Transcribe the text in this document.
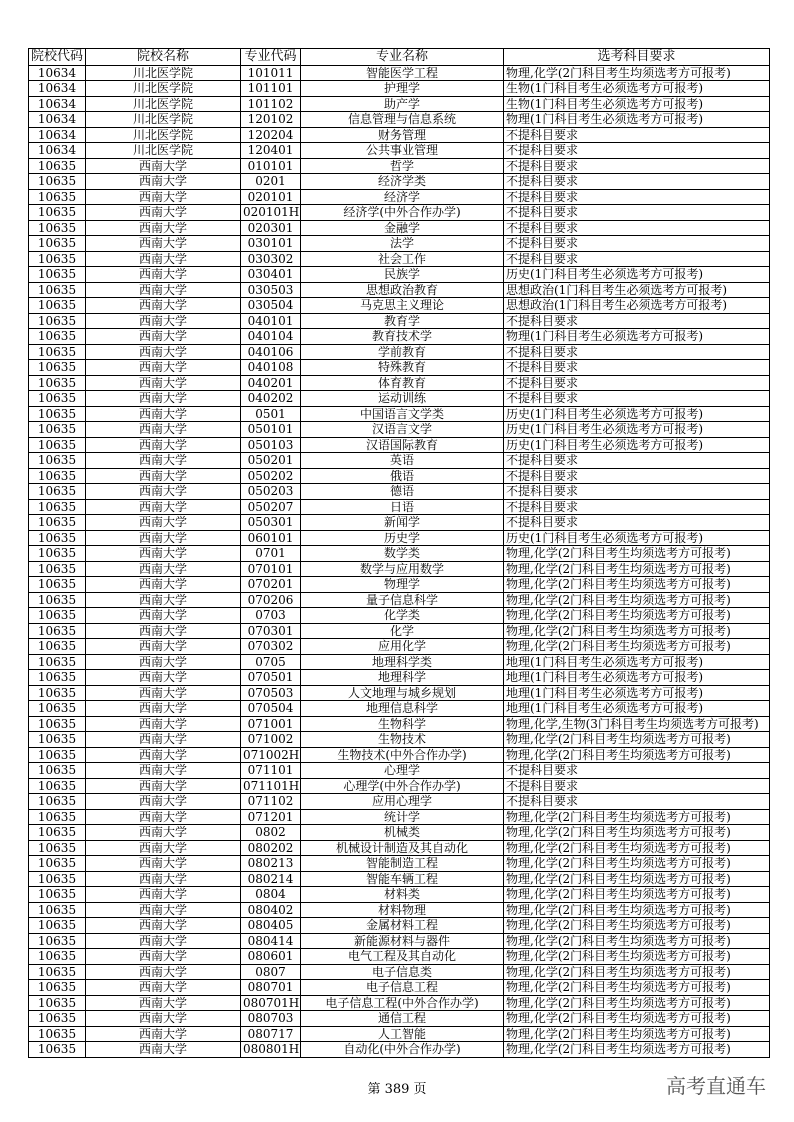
院校代码	院校名称	专业代码	专业名称	选考科目要求
10634	川北医学院	101011	智能医学工程	物理,化学(2门科目考生均须选考方可报考)
10634	川北医学院	101101	护理学	生物(1门科目考生必须选考方可报考)
10634	川北医学院	101102	助产学	生物(1门科目考生必须选考方可报考)
10634	川北医学院	120102	信息管理与信息系统	物理(1门科目考生必须选考方可报考)
10634	川北医学院	120204	财务管理	不提科目要求
10634	川北医学院	120401	公共事业管理	不提科目要求
10635	西南大学	010101	哲学	不提科目要求
10635	西南大学	0201	经济学类	不提科目要求
10635	西南大学	020101	经济学	不提科目要求
10635	西南大学	020101H	经济学(中外合作办学)	不提科目要求
10635	西南大学	020301	金融学	不提科目要求
10635	西南大学	030101	法学	不提科目要求
10635	西南大学	030302	社会工作	不提科目要求
10635	西南大学	030401	民族学	历史(1门科目考生必须选考方可报考)
10635	西南大学	030503	思想政治教育	思想政治(1门科目考生必须选考方可报考)
10635	西南大学	030504	马克思主义理论	思想政治(1门科目考生必须选考方可报考)
10635	西南大学	040101	教育学	不提科目要求
10635	西南大学	040104	教育技术学	物理(1门科目考生必须选考方可报考)
10635	西南大学	040106	学前教育	不提科目要求
10635	西南大学	040108	特殊教育	不提科目要求
10635	西南大学	040201	体育教育	不提科目要求
10635	西南大学	040202	运动训练	不提科目要求
10635	西南大学	0501	中国语言文学类	历史(1门科目考生必须选考方可报考)
10635	西南大学	050101	汉语言文学	历史(1门科目考生必须选考方可报考)
10635	西南大学	050103	汉语国际教育	历史(1门科目考生必须选考方可报考)
10635	西南大学	050201	英语	不提科目要求
10635	西南大学	050202	俄语	不提科目要求
10635	西南大学	050203	德语	不提科目要求
10635	西南大学	050207	日语	不提科目要求
10635	西南大学	050301	新闻学	不提科目要求
10635	西南大学	060101	历史学	历史(1门科目考生必须选考方可报考)
10635	西南大学	0701	数学类	物理,化学(2门科目考生均须选考方可报考)
10635	西南大学	070101	数学与应用数学	物理,化学(2门科目考生均须选考方可报考)
10635	西南大学	070201	物理学	物理,化学(2门科目考生均须选考方可报考)
10635	西南大学	070206	量子信息科学	物理,化学(2门科目考生均须选考方可报考)
10635	西南大学	0703	化学类	物理,化学(2门科目考生均须选考方可报考)
10635	西南大学	070301	化学	物理,化学(2门科目考生均须选考方可报考)
10635	西南大学	070302	应用化学	物理,化学(2门科目考生均须选考方可报考)
10635	西南大学	0705	地理科学类	地理(1门科目考生必须选考方可报考)
10635	西南大学	070501	地理科学	地理(1门科目考生必须选考方可报考)
10635	西南大学	070503	人文地理与城乡规划	地理(1门科目考生必须选考方可报考)
10635	西南大学	070504	地理信息科学	地理(1门科目考生必须选考方可报考)
10635	西南大学	071001	生物科学	物理,化学,生物(3门科目考生均须选考方可报考)
10635	西南大学	071002	生物技术	物理,化学(2门科目考生均须选考方可报考)
10635	西南大学	071002H	生物技术(中外合作办学)	物理,化学(2门科目考生均须选考方可报考)
10635	西南大学	071101	心理学	不提科目要求
10635	西南大学	071101H	心理学(中外合作办学)	不提科目要求
10635	西南大学	071102	应用心理学	不提科目要求
10635	西南大学	071201	统计学	物理,化学(2门科目考生均须选考方可报考)
10635	西南大学	0802	机械类	物理,化学(2门科目考生均须选考方可报考)
10635	西南大学	080202	机械设计制造及其自动化	物理,化学(2门科目考生均须选考方可报考)
10635	西南大学	080213	智能制造工程	物理,化学(2门科目考生均须选考方可报考)
10635	西南大学	080214	智能车辆工程	物理,化学(2门科目考生均须选考方可报考)
10635	西南大学	0804	材料类	物理,化学(2门科目考生均须选考方可报考)
10635	西南大学	080402	材料物理	物理,化学(2门科目考生均须选考方可报考)
10635	西南大学	080405	金属材料工程	物理,化学(2门科目考生均须选考方可报考)
10635	西南大学	080414	新能源材料与器件	物理,化学(2门科目考生均须选考方可报考)
10635	西南大学	080601	电气工程及其自动化	物理,化学(2门科目考生均须选考方可报考)
10635	西南大学	0807	电子信息类	物理,化学(2门科目考生均须选考方可报考)
10635	西南大学	080701	电子信息工程	物理,化学(2门科目考生均须选考方可报考)
10635	西南大学	080701H	电子信息工程(中外合作办学)	物理,化学(2门科目考生均须选考方可报考)
10635	西南大学	080703	通信工程	物理,化学(2门科目考生均须选考方可报考)
10635	西南大学	080717	人工智能	物理,化学(2门科目考生均须选考方可报考)
10635	西南大学	080801H	自动化(中外合作办学)	物理,化学(2门科目考生均须选考方可报考)
第 389 页	高考直通车
